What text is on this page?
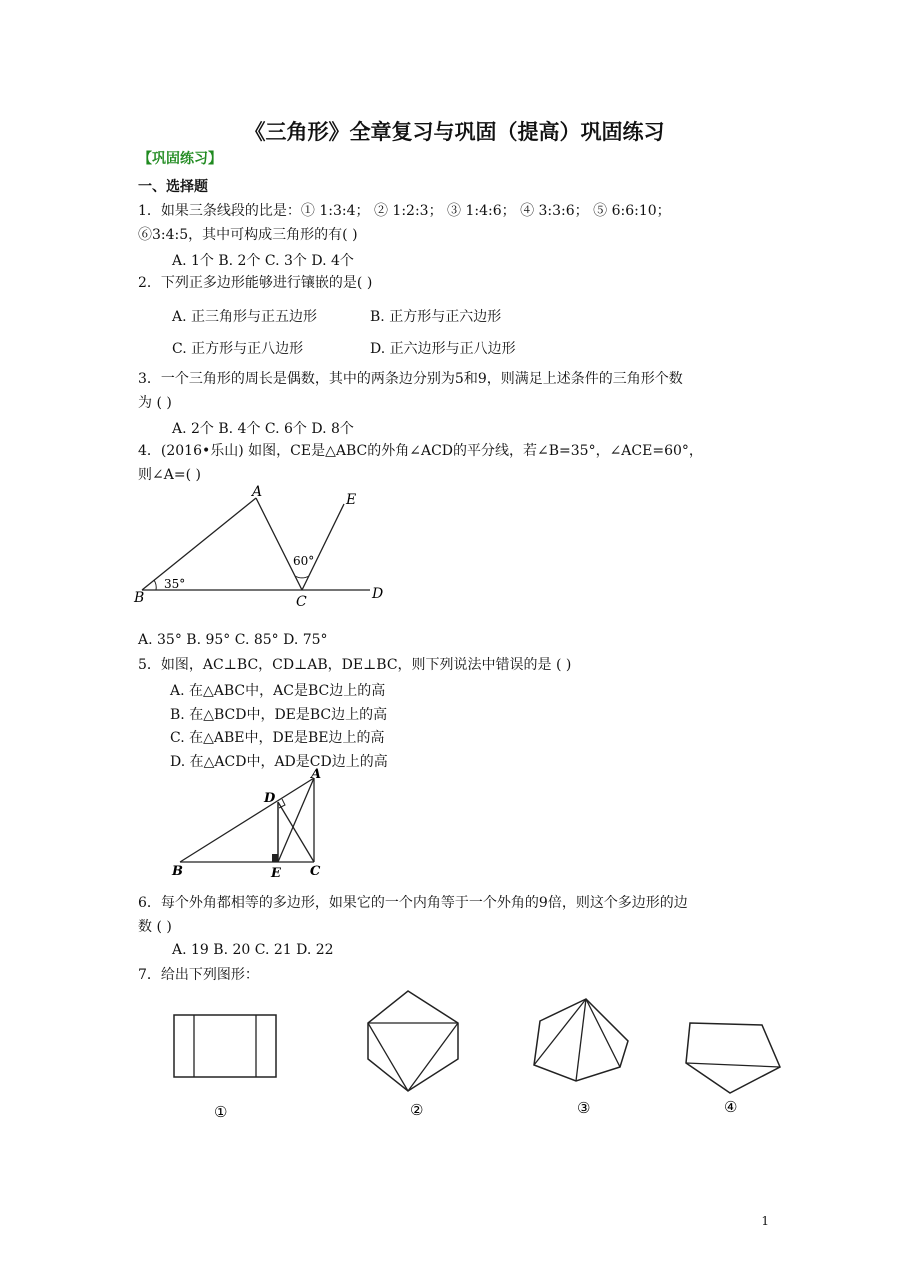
《三角形》全章复习与巩固（提高）巩固练习
【巩固练习】
一、选择题
1．如果三条线段的比是：① 1:3:4； ② 1:2:3； ③ 1:4:6； ④ 3:3:6； ⑤ 6:6:10；
⑥3:4:5，其中可构成三角形的有( )
A. 1个 B. 2个 C. 3个 D. 4个
2．下列正多边形能够进行镶嵌的是( )
A. 正三角形与正五边形	B. 正方形与正六边形
C. 正方形与正八边形	D. 正六边形与正八边形
3．一个三角形的周长是偶数，其中的两条边分别为5和9，则满足上述条件的三角形个数
为 ( )
A. 2个 B. 4个 C. 6个 D. 8个
4．(2016•乐山) 如图，CE是△ABC的外角∠ACD的平分线，若∠B=35°，∠ACE=60°，
则∠A=( )
A
B	C	D
E
35°
60°
A. 35° B. 95° C. 85° D. 75°
5．如图，AC⊥BC，CD⊥AB，DE⊥BC，则下列说法中错误的是 ( )
A. 在△ABC中，AC是BC边上的高
B. 在△BCD中，DE是BC边上的高
C. 在△ABE中，DE是BE边上的高
D. 在△ACD中，AD是CD边上的高
A
B	C
D
E
6．每个外角都相等的多边形，如果它的一个内角等于一个外角的9倍，则这个多边形的边
数 ( )
A. 19 B. 20 C. 21 D. 22
7．给出下列图形：
①	②	③	④
1
